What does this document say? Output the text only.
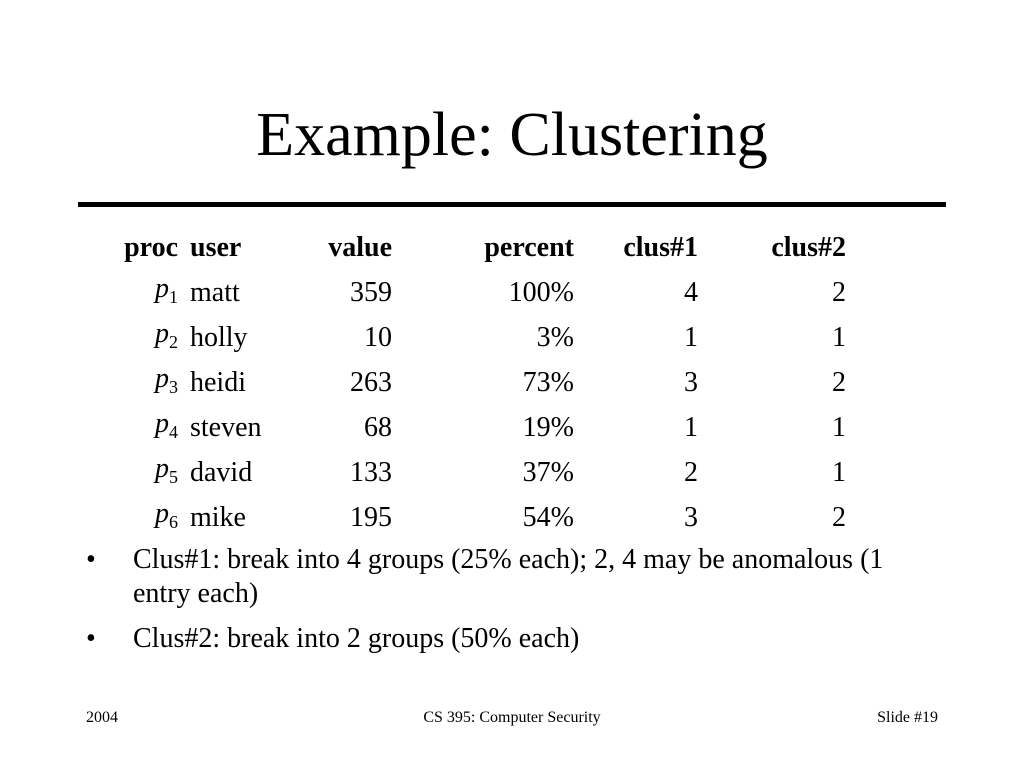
Example: Clustering
proc	user	value	percent	clus#1	clus#2
$p_1$	matt	359	100%	4	2
$p_2$	holly	10	3%	1	1
$p_3$	heidi	263	73%	3	2
$p_4$	steven	68	19%	1	1
$p_5$	david	133	37%	2	1
$p_6$	mike	195	54%	3	2
• Clus#1: break into 4 groups (25% each); 2, 4 may be anomalous (1 entry each)
• Clus#2: break into 2 groups (50% each)
CS 395: Computer Security
2004	Slide #19
